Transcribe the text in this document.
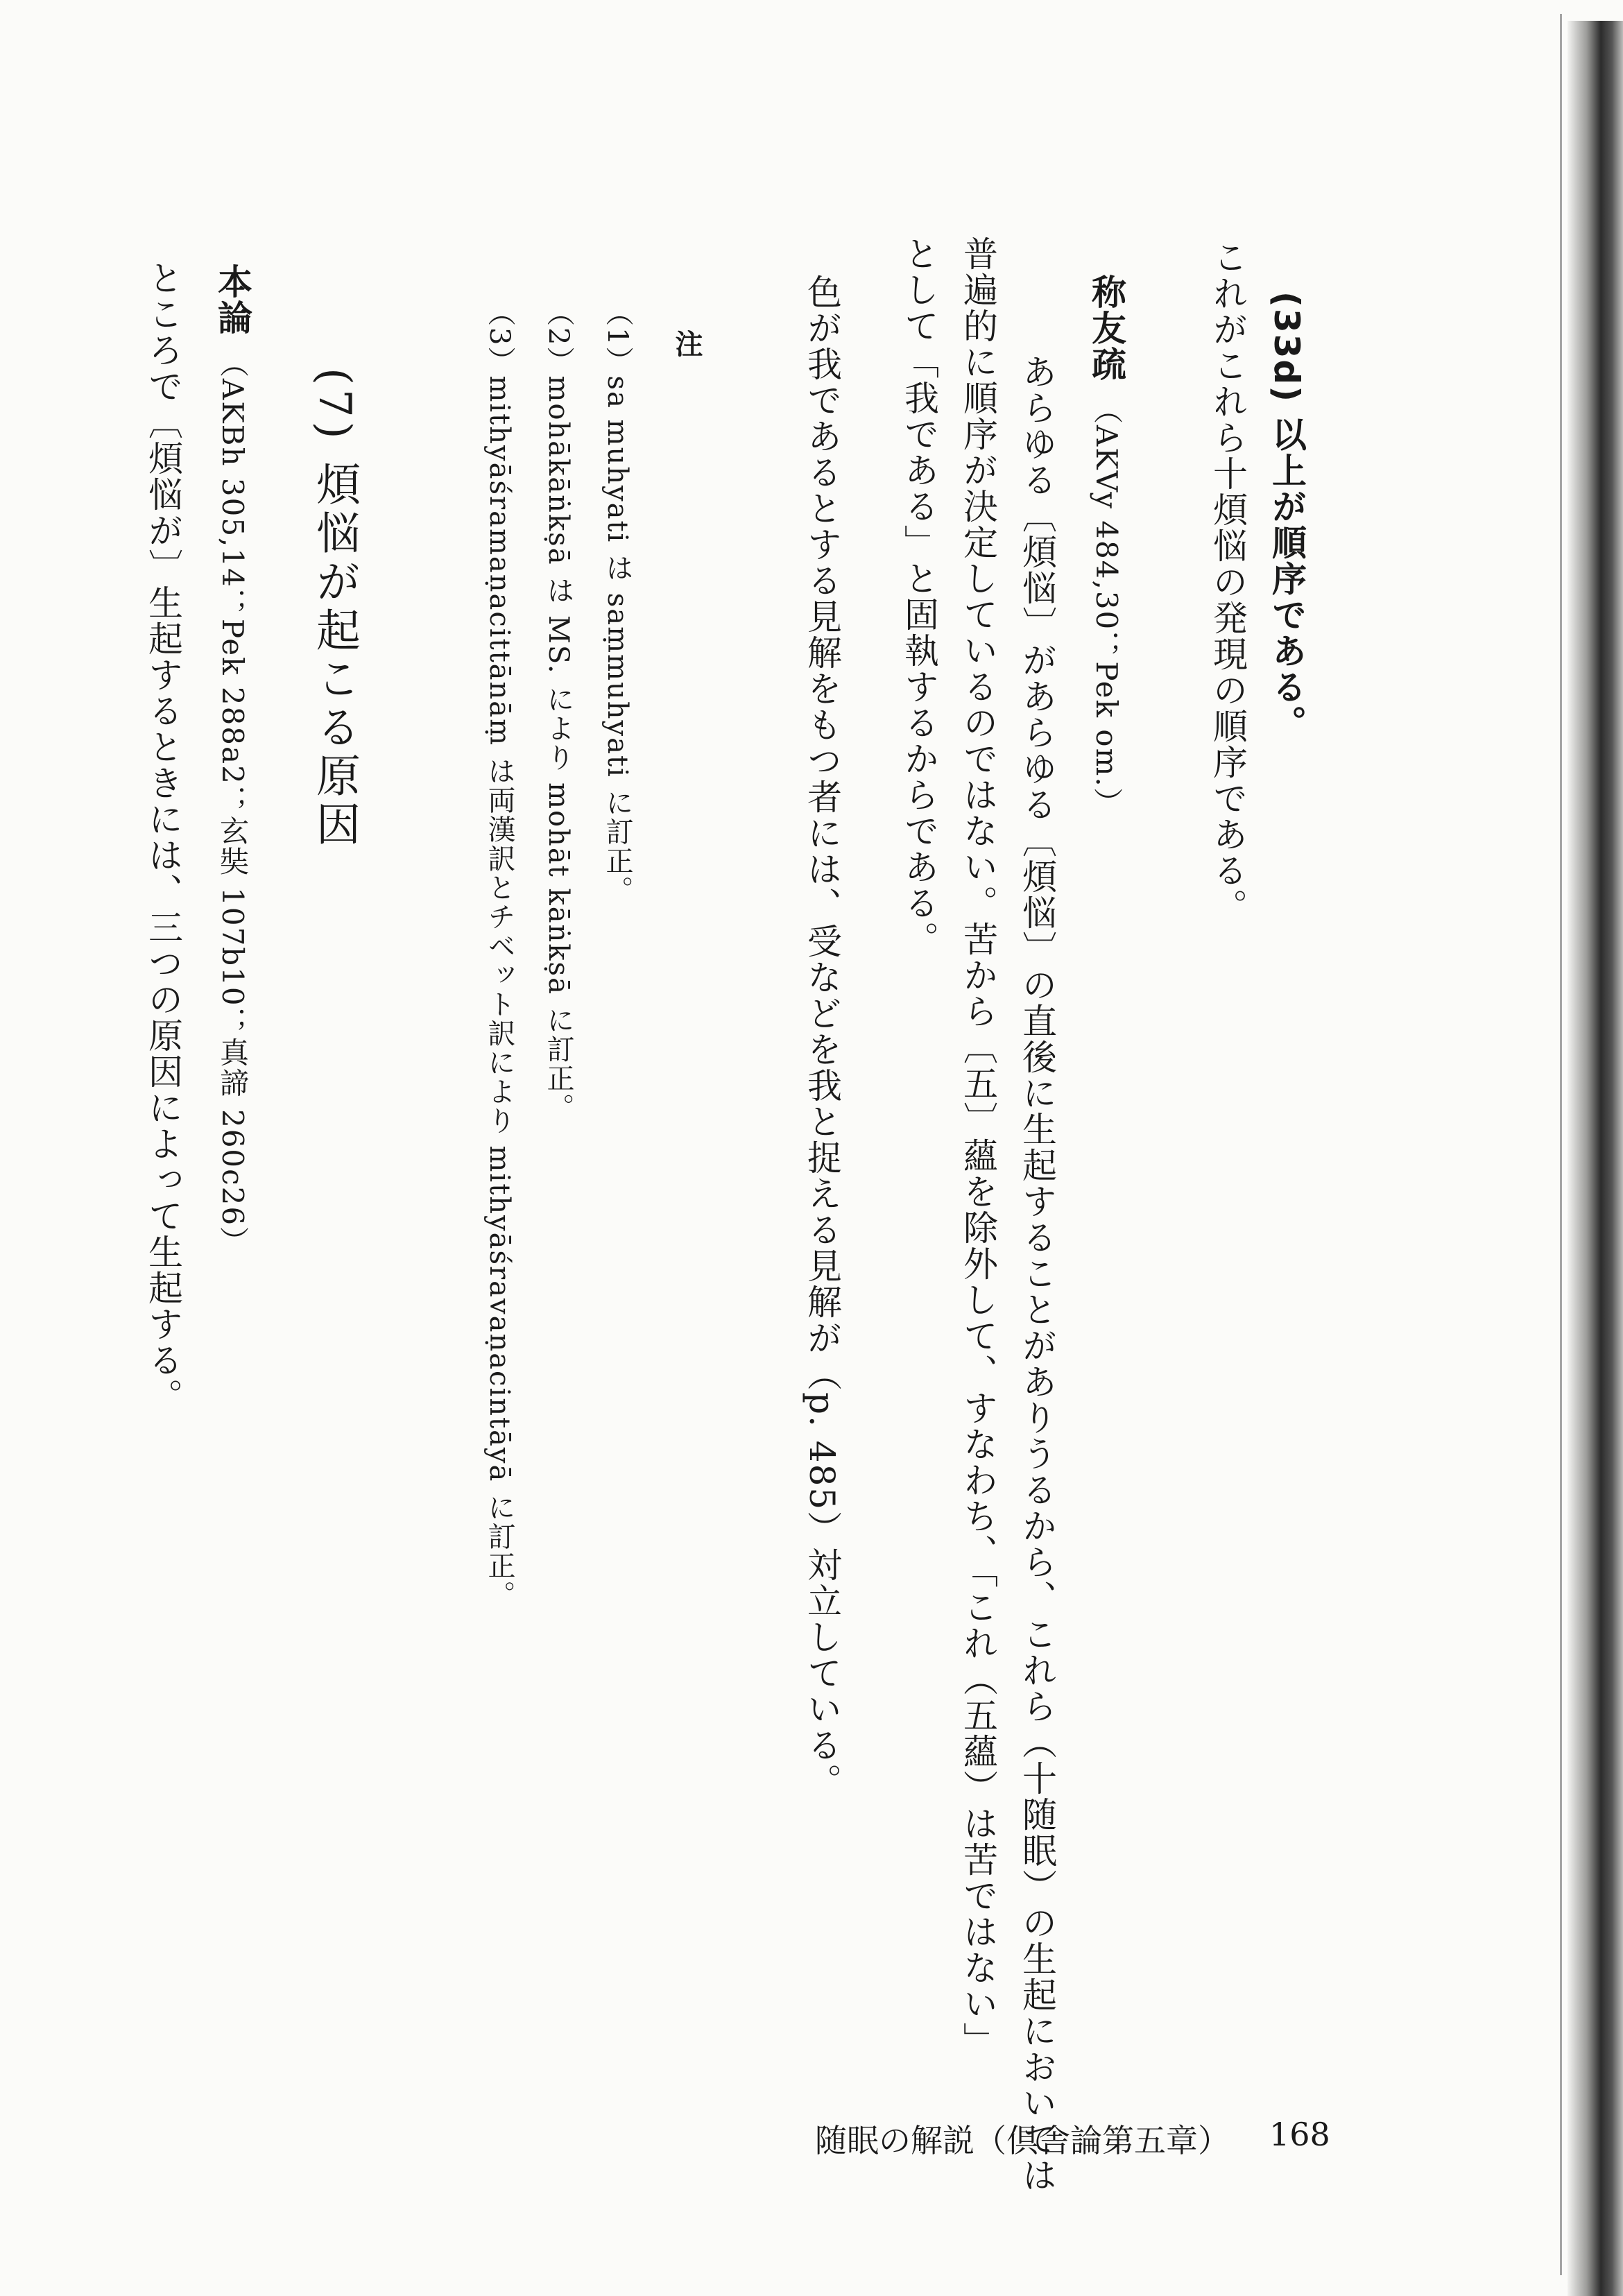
(33d) 以上が順序である。
これがこれら十煩悩の発現の順序である。
称友疏 （AKVy 484,30；Pek om.）
あらゆる〔煩悩〕があらゆる〔煩悩〕の直後に生起することがありうるから、これら（十随眠）の生起においては
普遍的に順序が決定しているのではない。苦から〔五〕蘊を除外して、すなわち、「これ（五蘊）は苦ではない」
として「我である」と固執するからである。
色が我であるとする見解をもつ者には、受などを我と捉える見解が（p. 485）対立している。
注
（1）sa muhyati は saṃmuhyati に訂正。
（2）mohākāṅkṣā は MS. により mohāt kāṅkṣā に訂正。
（3）mithyāśramaṇacittānāṃ は両漢訳とチベット訳により mithyāśravaṇacintāyā に訂正。
(7) 煩悩が起こる原因
本論 （AKBh 305,14；Pek 288a2；玄奘 107b10；真諦 260c26）
ところで〔煩悩が〕生起するときには、三つの原因によって生起する。
随眠の解説（倶舎論第五章） 168
